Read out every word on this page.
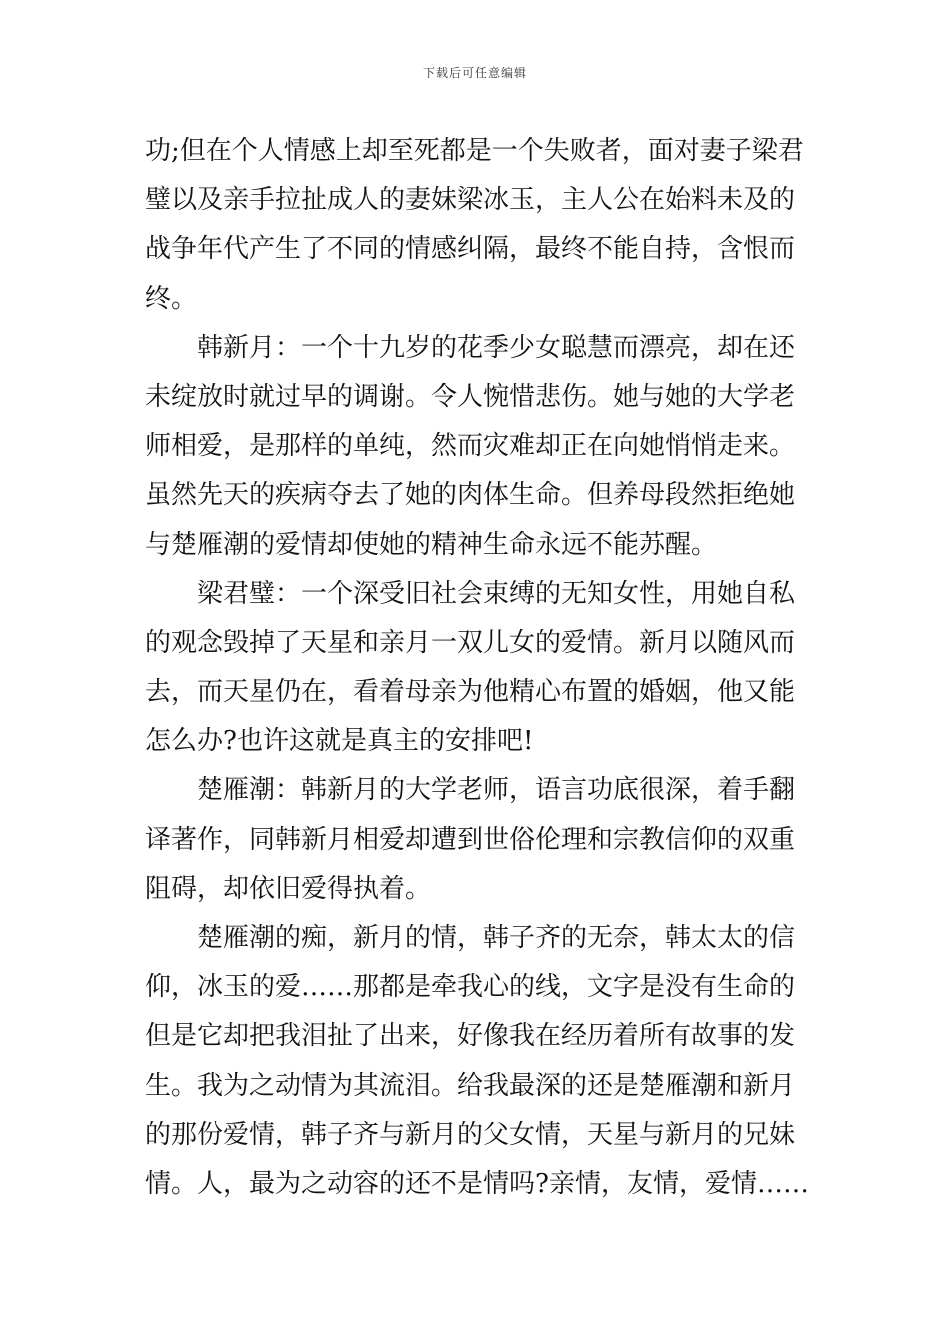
下载后可任意编辑
功;但在个人情感上却至死都是一个失败者，面对妻子梁君
璧以及亲手拉扯成人的妻妹梁冰玉，主人公在始料未及的
战争年代产生了不同的情感纠隔，最终不能自持，含恨而
终。
韩新月：一个十九岁的花季少女聪慧而漂亮，却在还
未绽放时就过早的调谢。令人惋惜悲伤。她与她的大学老
师相爱，是那样的单纯，然而灾难却正在向她悄悄走来。
虽然先天的疾病夺去了她的肉体生命。但养母段然拒绝她
与楚雁潮的爱情却使她的精神生命永远不能苏醒。
梁君璧：一个深受旧社会束缚的无知女性，用她自私
的观念毁掉了天星和亲月一双儿女的爱情。新月以随风而
去，而天星仍在，看着母亲为他精心布置的婚姻，他又能
怎么办?也许这就是真主的安排吧!
楚雁潮：韩新月的大学老师，语言功底很深，着手翻
译著作，同韩新月相爱却遭到世俗伦理和宗教信仰的双重
阻碍，却依旧爱得执着。
楚雁潮的痴，新月的情，韩子齐的无奈，韩太太的信
仰，冰玉的爱……那都是牵我心的线，文字是没有生命的
但是它却把我泪扯了出来，好像我在经历着所有故事的发
生。我为之动情为其流泪。给我最深的还是楚雁潮和新月
的那份爱情，韩子齐与新月的父女情，天星与新月的兄妹
情。人，最为之动容的还不是情吗?亲情，友情，爱情……
